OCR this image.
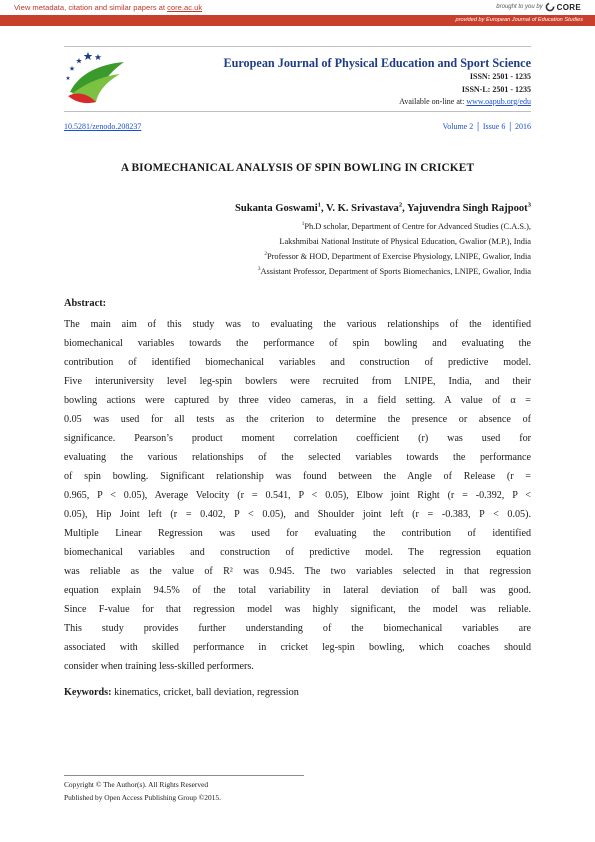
View metadata, citation and similar papers at core.ac.uk	brought to you by CORE
provided by European Journal of Education Studies
European Journal of Physical Education and Sport Science
ISSN: 2501 - 1235
ISSN-L: 2501 - 1235
Available on-line at: www.oapub.org/edu
10.5281/zenodo.208237	Volume 2 │ Issue 6 │ 2016
A BIOMECHANICAL ANALYSIS OF SPIN BOWLING IN CRICKET
Sukanta Goswami$^1$, V. K. Srivastava$^2$, Yajuvendra Singh Rajpoot$^3$
$^1$Ph.D scholar, Department of Centre for Advanced Studies (C.A.S.),
Lakshmibai National Institute of Physical Education, Gwalior (M.P.), India
$^2$Professor & HOD, Department of Exercise Physiology, LNIPE, Gwalior, India
$^3$Assistant Professor, Department of Sports Biomechanics, LNIPE, Gwalior, India
Abstract:
The main aim of this study was to evaluating the various relationships of the identified
biomechanical variables towards the performance of spin bowling and evaluating the
contribution of identified biomechanical variables and construction of predictive model.
Five interuniversity level leg-spin bowlers were recruited from LNIPE, India, and their
bowling actions were captured by three video cameras, in a field setting. A value of α =
0.05 was used for all tests as the criterion to determine the presence or absence of
significance. Pearson’s product moment correlation coefficient (r) was used for
evaluating the various relationships of the selected variables towards the performance
of spin bowling. Significant relationship was found between the Angle of Release (r =
0.965, P < 0.05), Average Velocity (r = 0.541, P < 0.05), Elbow joint Right (r = -0.392, P <
0.05), Hip Joint left (r = 0.402, P < 0.05), and Shoulder joint left (r = -0.383, P < 0.05).
Multiple Linear Regression was used for evaluating the contribution of identified
biomechanical variables and construction of predictive model. The regression equation
was reliable as the value of R² was 0.945. The two variables selected in that regression
equation explain 94.5% of the total variability in lateral deviation of ball was good.
Since F-value for that regression model was highly significant, the model was reliable.
This study provides further understanding of the biomechanical variables are
associated with skilled performance in cricket leg-spin bowling, which coaches should
consider when training less-skilled performers.
Keywords: kinematics, cricket, ball deviation, regression
Copyright © The Author(s). All Rights Reserved
Published by Open Access Publishing Group ©2015.
